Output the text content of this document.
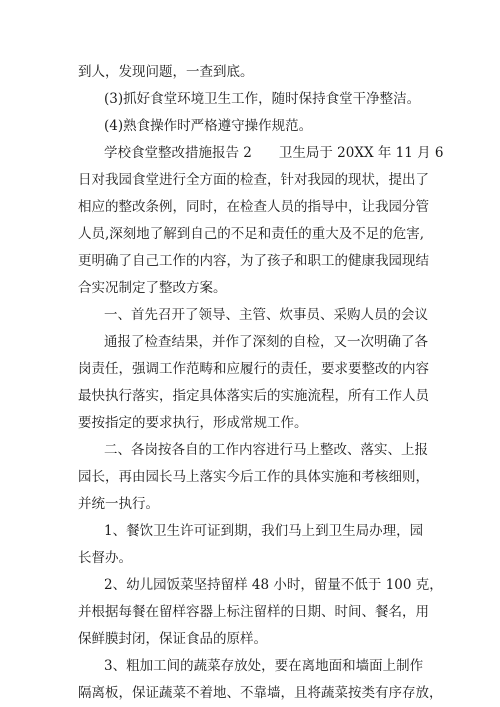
到人，发现问题，一查到底。
(3)抓好食堂环境卫生工作，随时保持食堂干净整洁。
(4)熟食操作时严格遵守操作规范。
学校食堂整改措施报告 2　　卫生局于 20XX 年 11 月 6
日对我园食堂进行全方面的检查，针对我园的现状，提出了
相应的整改条例，同时，在检查人员的指导中，让我园分管
人员,深刻地了解到自己的不足和责任的重大及不足的危害,
更明确了自己工作的内容，为了孩子和职工的健康我园现结
合实况制定了整改方案。
一、首先召开了领导、主管、炊事员、采购人员的会议
通报了检查结果，并作了深刻的自检，又一次明确了各
岗责任，强调工作范畴和应履行的责任，要求要整改的内容
最快执行落实，指定具体落实后的实施流程，所有工作人员
要按指定的要求执行，形成常规工作。
二、各岗按各自的工作内容进行马上整改、落实、上报
园长，再由园长马上落实今后工作的具体实施和考核细则，
并统一执行。
1、餐饮卫生许可证到期，我们马上到卫生局办理，园
长督办。
2、幼儿园饭菜坚持留样 48 小时，留量不低于 100 克，
并根据每餐在留样容器上标注留样的日期、时间、餐名，用
保鲜膜封闭，保证食品的原样。
3、粗加工间的蔬菜存放处，要在离地面和墙面上制作
隔离板，保证蔬菜不着地、不靠墙，且将蔬菜按类有序存放，
